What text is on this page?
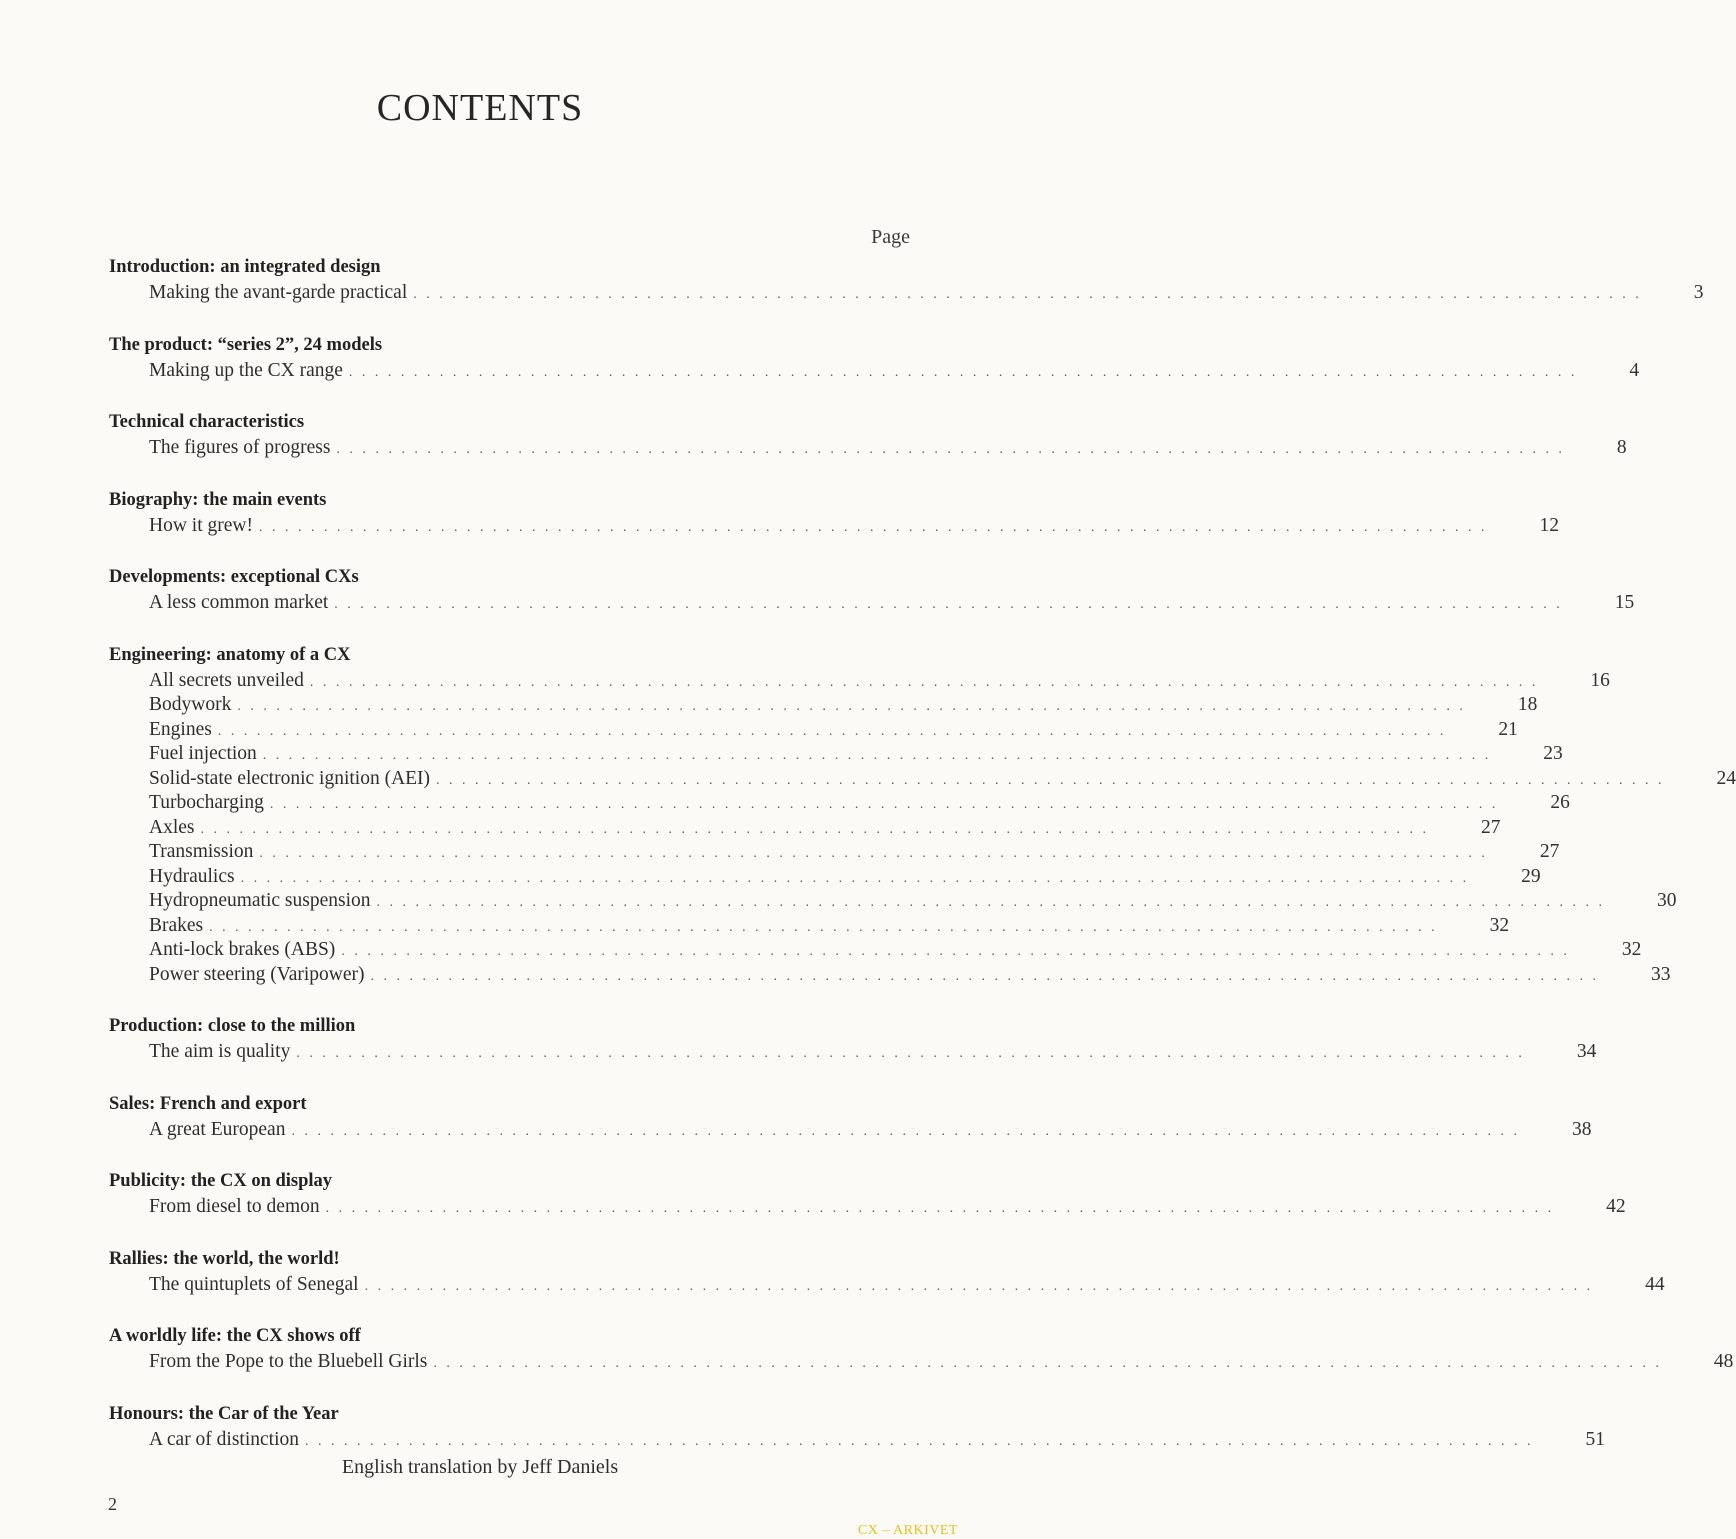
CONTENTS
Page
Introduction: an integrated design
Making the avant-garde practical . . . . . . . . . . . . . . . . . . . . . . . . . . . . . . . . . . . . . . . . . . . . . . . . . . . . . . . . . . . . . . . . . . . . . . . . . . . . . . . . . . . . . . . . . . . . . . .	3
The product: “series 2”, 24 models
Making up the CX range . . . . . . . . . . . . . . . . . . . . . . . . . . . . . . . . . . . . . . . . . . . . . . . . . . . . . . . . . . . . . . . . . . . . . . . . . . . . . . . . . . . . . . . . . . . . . . .	4
Technical characteristics
The figures of progress . . . . . . . . . . . . . . . . . . . . . . . . . . . . . . . . . . . . . . . . . . . . . . . . . . . . . . . . . . . . . . . . . . . . . . . . . . . . . . . . . . . . . . . . . . . . . . .	8
Biography: the main events
How it grew! . . . . . . . . . . . . . . . . . . . . . . . . . . . . . . . . . . . . . . . . . . . . . . . . . . . . . . . . . . . . . . . . . . . . . . . . . . . . . . . . . . . . . . . . . . . . . . .	12
Developments: exceptional CXs
A less common market . . . . . . . . . . . . . . . . . . . . . . . . . . . . . . . . . . . . . . . . . . . . . . . . . . . . . . . . . . . . . . . . . . . . . . . . . . . . . . . . . . . . . . . . . . . . . . .	15
Engineering: anatomy of a CX
All secrets unveiled . . . . . . . . . . . . . . . . . . . . . . . . . . . . . . . . . . . . . . . . . . . . . . . . . . . . . . . . . . . . . . . . . . . . . . . . . . . . . . . . . . . . . . . . . . . . . . .	16
Bodywork . . . . . . . . . . . . . . . . . . . . . . . . . . . . . . . . . . . . . . . . . . . . . . . . . . . . . . . . . . . . . . . . . . . . . . . . . . . . . . . . . . . . . . . . . . . . . . .	18
Engines . . . . . . . . . . . . . . . . . . . . . . . . . . . . . . . . . . . . . . . . . . . . . . . . . . . . . . . . . . . . . . . . . . . . . . . . . . . . . . . . . . . . . . . . . . . . . . .	21
Fuel injection . . . . . . . . . . . . . . . . . . . . . . . . . . . . . . . . . . . . . . . . . . . . . . . . . . . . . . . . . . . . . . . . . . . . . . . . . . . . . . . . . . . . . . . . . . . . . . .	23
Solid-state electronic ignition (AEI) . . . . . . . . . . . . . . . . . . . . . . . . . . . . . . . . . . . . . . . . . . . . . . . . . . . . . . . . . . . . . . . . . . . . . . . . . . . . . . . . . . . . . . . . . . . . . . .	24
Turbocharging . . . . . . . . . . . . . . . . . . . . . . . . . . . . . . . . . . . . . . . . . . . . . . . . . . . . . . . . . . . . . . . . . . . . . . . . . . . . . . . . . . . . . . . . . . . . . . .	26
Axles . . . . . . . . . . . . . . . . . . . . . . . . . . . . . . . . . . . . . . . . . . . . . . . . . . . . . . . . . . . . . . . . . . . . . . . . . . . . . . . . . . . . . . . . . . . . . . .	27
Transmission . . . . . . . . . . . . . . . . . . . . . . . . . . . . . . . . . . . . . . . . . . . . . . . . . . . . . . . . . . . . . . . . . . . . . . . . . . . . . . . . . . . . . . . . . . . . . . .	27
Hydraulics . . . . . . . . . . . . . . . . . . . . . . . . . . . . . . . . . . . . . . . . . . . . . . . . . . . . . . . . . . . . . . . . . . . . . . . . . . . . . . . . . . . . . . . . . . . . . . .	29
Hydropneumatic suspension . . . . . . . . . . . . . . . . . . . . . . . . . . . . . . . . . . . . . . . . . . . . . . . . . . . . . . . . . . . . . . . . . . . . . . . . . . . . . . . . . . . . . . . . . . . . . . .	30
Brakes . . . . . . . . . . . . . . . . . . . . . . . . . . . . . . . . . . . . . . . . . . . . . . . . . . . . . . . . . . . . . . . . . . . . . . . . . . . . . . . . . . . . . . . . . . . . . . .	32
Anti-lock brakes (ABS) . . . . . . . . . . . . . . . . . . . . . . . . . . . . . . . . . . . . . . . . . . . . . . . . . . . . . . . . . . . . . . . . . . . . . . . . . . . . . . . . . . . . . . . . . . . . . . .	32
Power steering (Varipower) . . . . . . . . . . . . . . . . . . . . . . . . . . . . . . . . . . . . . . . . . . . . . . . . . . . . . . . . . . . . . . . . . . . . . . . . . . . . . . . . . . . . . . . . . . . . . . .	33
Production: close to the million
The aim is quality . . . . . . . . . . . . . . . . . . . . . . . . . . . . . . . . . . . . . . . . . . . . . . . . . . . . . . . . . . . . . . . . . . . . . . . . . . . . . . . . . . . . . . . . . . . . . . .	34
Sales: French and export
A great European . . . . . . . . . . . . . . . . . . . . . . . . . . . . . . . . . . . . . . . . . . . . . . . . . . . . . . . . . . . . . . . . . . . . . . . . . . . . . . . . . . . . . . . . . . . . . . .	38
Publicity: the CX on display
From diesel to demon . . . . . . . . . . . . . . . . . . . . . . . . . . . . . . . . . . . . . . . . . . . . . . . . . . . . . . . . . . . . . . . . . . . . . . . . . . . . . . . . . . . . . . . . . . . . . . .	42
Rallies: the world, the world!
The quintuplets of Senegal . . . . . . . . . . . . . . . . . . . . . . . . . . . . . . . . . . . . . . . . . . . . . . . . . . . . . . . . . . . . . . . . . . . . . . . . . . . . . . . . . . . . . . . . . . . . . . .	44
A worldly life: the CX shows off
From the Pope to the Bluebell Girls . . . . . . . . . . . . . . . . . . . . . . . . . . . . . . . . . . . . . . . . . . . . . . . . . . . . . . . . . . . . . . . . . . . . . . . . . . . . . . . . . . . . . . . . . . . . . . .	48
Honours: the Car of the Year
A car of distinction . . . . . . . . . . . . . . . . . . . . . . . . . . . . . . . . . . . . . . . . . . . . . . . . . . . . . . . . . . . . . . . . . . . . . . . . . . . . . . . . . . . . . . . . . . . . . . .	51
English translation by Jeff Daniels
2
CX – ARKIVET
